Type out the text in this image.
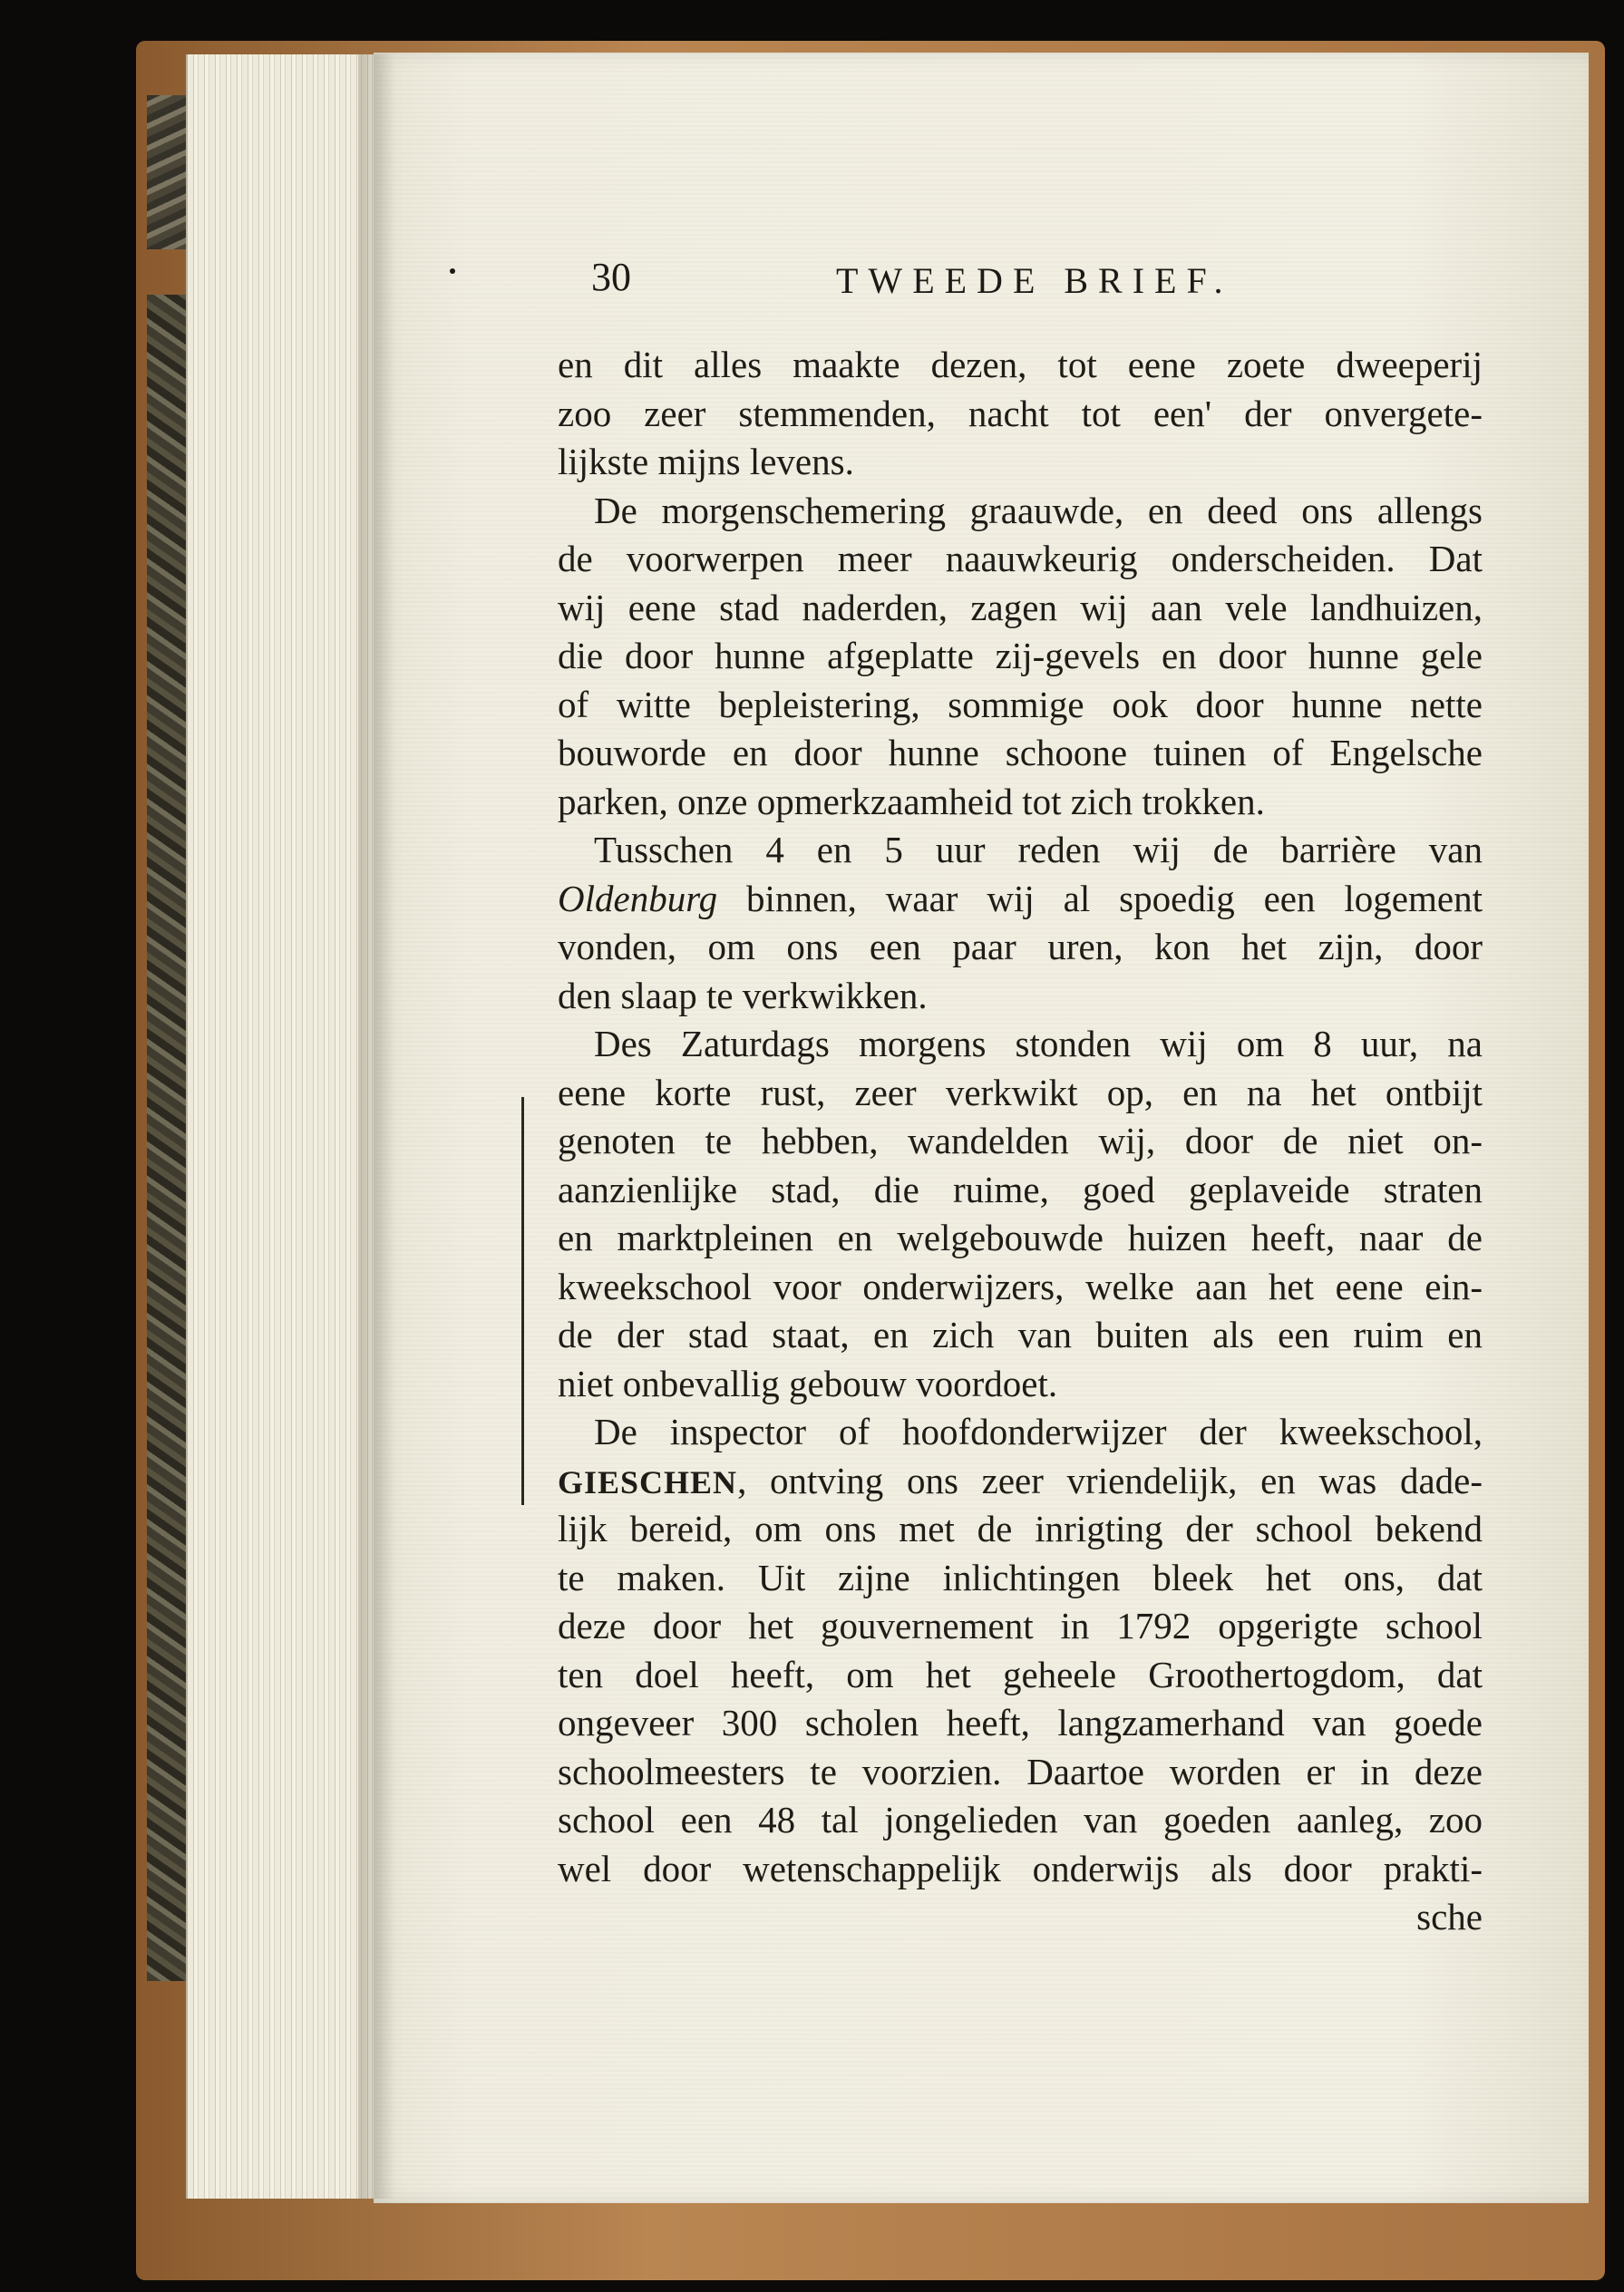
30	TWEEDE BRIEF.
en dit alles maakte dezen, tot eene zoete dweeperij
zoo zeer stemmenden, nacht tot een' der onvergete-
lijkste mijns levens.
De morgenschemering graauwde, en deed ons allengs
de voorwerpen meer naauwkeurig onderscheiden. Dat
wij eene stad naderden, zagen wij aan vele landhuizen,
die door hunne afgeplatte zij-gevels en door hunne gele
of witte bepleistering, sommige ook door hunne nette
bouworde en door hunne schoone tuinen of Engelsche
parken, onze opmerkzaamheid tot zich trokken.
Tusschen 4 en 5 uur reden wij de barrière van
Oldenburg binnen, waar wij al spoedig een logement
vonden, om ons een paar uren, kon het zijn, door
den slaap te verkwikken.
Des Zaturdags morgens stonden wij om 8 uur, na
eene korte rust, zeer verkwikt op, en na het ontbijt
genoten te hebben, wandelden wij, door de niet on-
aanzienlijke stad, die ruime, goed geplaveide straten
en marktpleinen en welgebouwde huizen heeft, naar de
kweekschool voor onderwijzers, welke aan het eene ein-
de der stad staat, en zich van buiten als een ruim en
niet onbevallig gebouw voordoet.
De inspector of hoofdonderwijzer der kweekschool,
GIESCHEN, ontving ons zeer vriendelijk, en was dade-
lijk bereid, om ons met de inrigting der school bekend
te maken. Uit zijne inlichtingen bleek het ons, dat
deze door het gouvernement in 1792 opgerigte school
ten doel heeft, om het geheele Groothertogdom, dat
ongeveer 300 scholen heeft, langzamerhand van goede
schoolmeesters te voorzien. Daartoe worden er in deze
school een 48 tal jongelieden van goeden aanleg, zoo
wel door wetenschappelijk onderwijs als door prakti-
sche
